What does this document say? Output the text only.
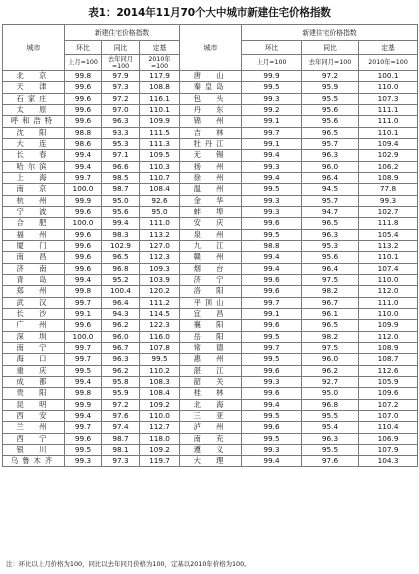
表1：2014年11月70个大中城市新建住宅价格指数
城市	新建住宅价格指数			城市	新建住宅价格指数		
	环比	同比	定基		环比	同比	定基
	上月=100	去年同月=100	2010年=100		上月=100	去年同月=100	2010年=100
北　京	99.8	97.9	117.9	唐　山	99.9	97.2	100.1
天　津	99.6	97.3	108.8	秦皇岛	99.5	95.9	110.0
石家庄	99.6	97.2	116.1	包　头	99.3	95.5	107.3
太　原	99.6	97.0	110.1	丹　东	99.2	95.6	111.1
呼和浩特	99.6	96.3	109.9	锦　州	99.1	95.6	111.0
沈　阳	98.8	93.3	111.5	吉　林	99.7	96.5	110.1
大　连	98.6	95.3	111.3	牡丹江	99.1	95.7	109.4
长　春	99.4	97.1	109.5	无　锡	99.4	96.3	102.9
哈尔滨	99.4	96.6	110.3	扬　州	99.3	96.0	106.2
上　海	99.7	98.5	110.7	徐　州	99.4	96.4	108.9
南　京	100.0	98.7	108.4	温　州	99.5	94.5	77.8
杭　州	99.9	95.0	92.6	金　华	99.3	95.7	99.3
宁　波	99.6	95.6	95.0	蚌　埠	99.3	94.7	102.7
合　肥	100.0	99.4	111.0	安　庆	99.6	96.5	111.8
福　州	99.6	98.3	113.2	泉　州	99.5	96.3	105.4
厦　门	99.6	102.9	127.0	九　江	98.8	95.3	113.2
南　昌	99.6	96.5	112.3	赣　州	99.4	95.6	110.1
济　南	99.6	96.8	109.3	烟　台	99.4	96.4	107.4
青　岛	99.4	95.2	103.9	济　宁	99.6	97.5	110.0
郑　州	99.8	100.4	120.2	洛　阳	99.6	98.2	112.0
武　汉	99.7	96.4	111.2	平顶山	99.7	96.7	111.0
长　沙	99.1	94.3	114.5	宜　昌	99.1	96.1	110.0
广　州	99.6	96.2	122.3	襄　阳	99.6	96.5	109.9
深　圳	100.0	96.0	116.0	岳　阳	99.5	98.2	112.0
南　宁	99.7	96.7	107.8	常　德	99.7	97.5	108.9
海　口	99.7	96.3	99.5	惠　州	99.5	96.0	108.7
重　庆	99.5	96.2	110.2	湛　江	99.6	96.2	112.6
成　都	99.4	95.8	108.3	韶　关	99.3	92.7	105.9
贵　阳	99.8	95.9	108.4	桂　林	99.6	95.0	109.6
昆　明	99.9	97.2	109.2	北　海	99.4	96.8	107.2
西　安	99.4	97.6	110.0	三　亚	99.5	95.5	107.0
兰　州	99.7	97.4	112.7	泸　州	99.6	95.4	110.4
西　宁	99.6	98.7	118.0	南　充	99.5	96.3	106.9
银　川	99.5	98.1	109.2	遵　义	99.3	95.5	107.9
乌鲁木齐	99.3	97.3	119.7	大　理	99.4	97.6	104.3
注：环比以上月价格为100，同比以去年同月价格为100，定基以2010年价格为100。
